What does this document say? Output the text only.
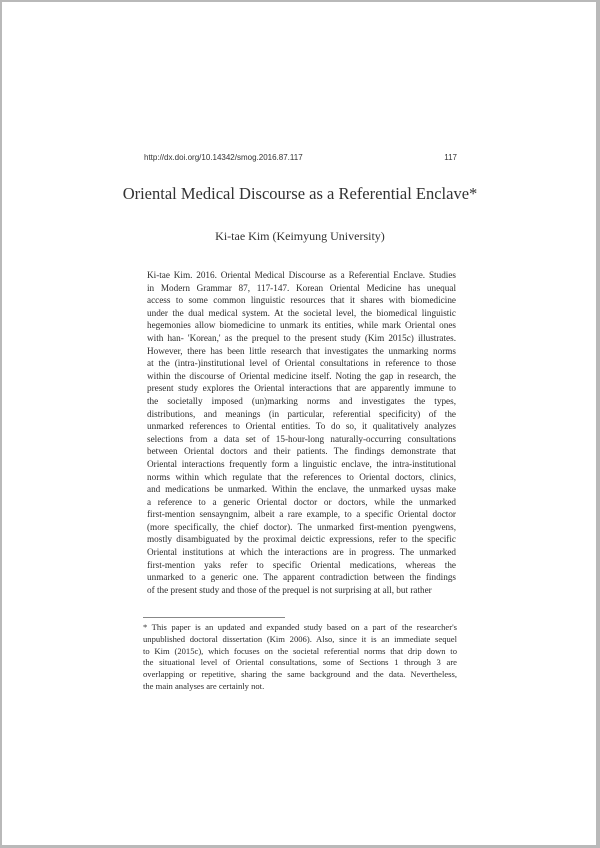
http://dx.doi.org/10.14342/smog.2016.87.117	117
Oriental Medical Discourse as a Referential Enclave*
Ki-tae Kim (Keimyung University)
Ki-tae Kim. 2016. Oriental Medical Discourse as a Referential Enclave. Studies
in Modern Grammar 87, 117-147. Korean Oriental Medicine has unequal
access to some common linguistic resources that it shares with biomedicine
under the dual medical system. At the societal level, the biomedical linguistic
hegemonies allow biomedicine to unmark its entities, while mark Oriental ones
with han- 'Korean,' as the prequel to the present study (Kim 2015c) illustrates.
However, there has been little research that investigates the unmarking norms
at the (intra-)institutional level of Oriental consultations in reference to those
within the discourse of Oriental medicine itself. Noting the gap in research, the
present study explores the Oriental interactions that are apparently immune to
the societally imposed (un)marking norms and investigates the types,
distributions, and meanings (in particular, referential specificity) of the
unmarked references to Oriental entities. To do so, it qualitatively analyzes
selections from a data set of 15-hour-long naturally-occurring consultations
between Oriental doctors and their patients. The findings demonstrate that
Oriental interactions frequently form a linguistic enclave, the intra-institutional
norms within which regulate that the references to Oriental doctors, clinics,
and medications be unmarked. Within the enclave, the unmarked uysas make
a reference to a generic Oriental doctor or doctors, while the unmarked
first-mention sensayngnim, albeit a rare example, to a specific Oriental doctor
(more specifically, the chief doctor). The unmarked first-mention pyengwens,
mostly disambiguated by the proximal deictic expressions, refer to the specific
Oriental institutions at which the interactions are in progress. The unmarked
first-mention yaks refer to specific Oriental medications, whereas the
unmarked to a generic one. The apparent contradiction between the findings
of the present study and those of the prequel is not surprising at all, but rather
* This paper is an updated and expanded study based on a part of the researcher's
unpublished doctoral dissertation (Kim 2006). Also, since it is an immediate sequel
to Kim (2015c), which focuses on the societal referential norms that drip down to
the situational level of Oriental consultations, some of Sections 1 through 3 are
overlapping or repetitive, sharing the same background and the data. Nevertheless,
the main analyses are certainly not.
